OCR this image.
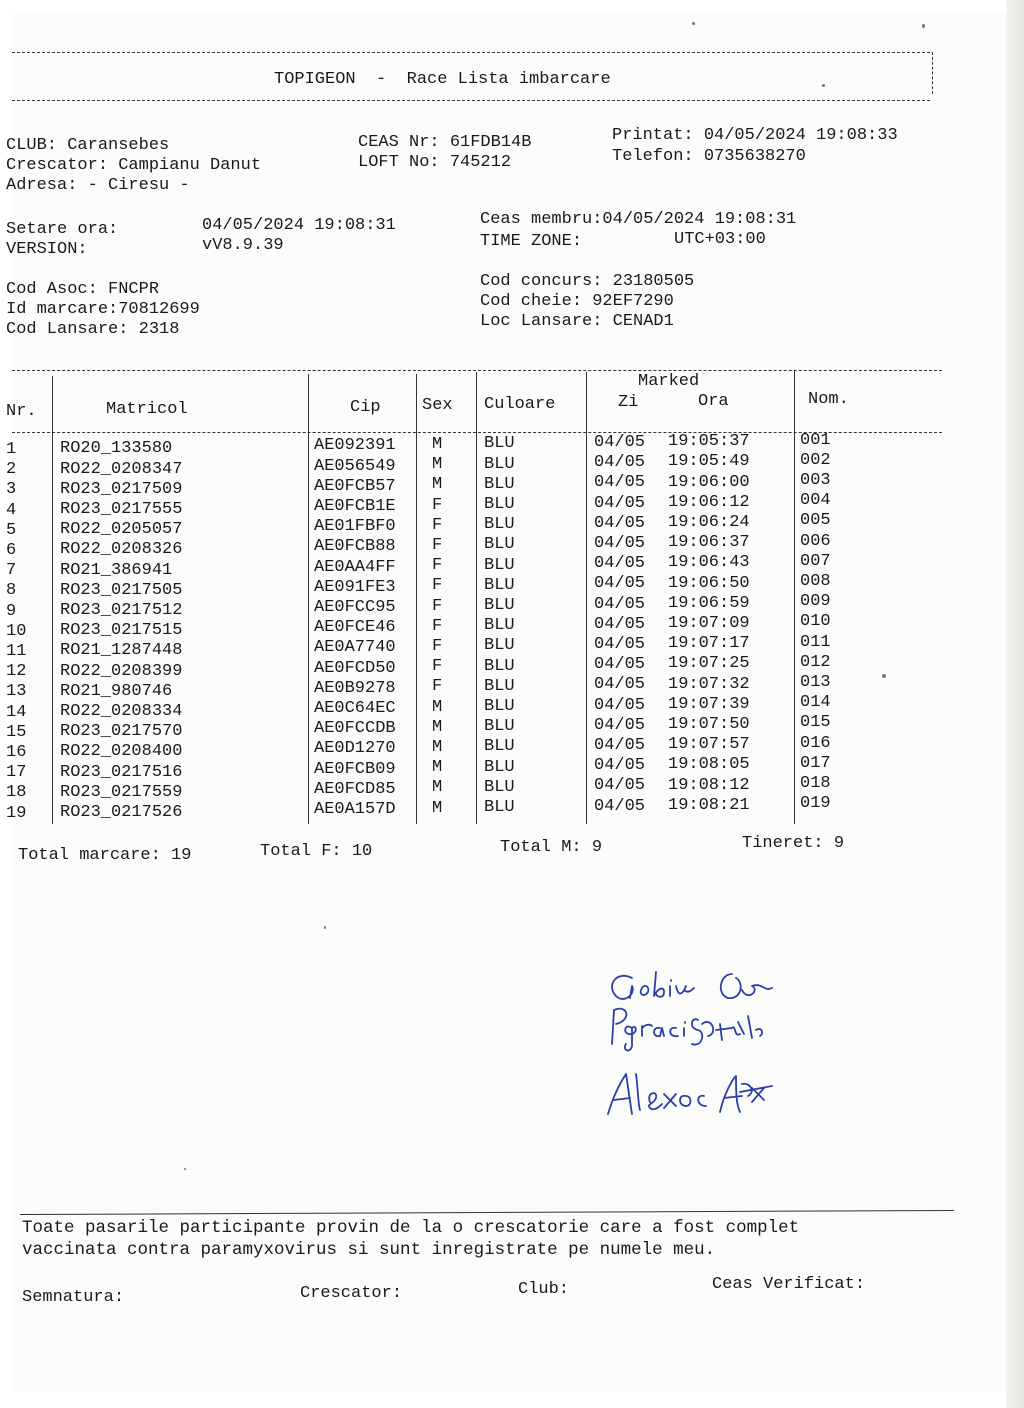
TOPIGEON  -  Race Lista imbarcare
CLUB: Caransebes
Crescator: Campianu Danut
Adresa: - Ciresu -
CEAS Nr: 61FDB14B
LOFT No: 745212
Printat: 04/05/2024 19:08:33
Telefon: 0735638270
Setare ora:	04/05/2024 19:08:31
VERSION:	vV8.9.39
Ceas membru:04/05/2024 19:08:31
TIME ZONE:	UTC+03:00
Cod Asoc: FNCPR
Id marcare:70812699
Cod Lansare: 2318
Cod concurs: 23180505
Cod cheie: 92EF7290
Loc Lansare: CENAD1
Marked
Nr.	Matricol	Cip Sex Culoare	Zi	Ora	Nom.
1	RO20_133580	AE092391 M BLU	04/05 19:05:37	001
2	RO22_0208347	AE056549 M BLU	04/05 19:05:49	002
3	RO23_0217509	AE0FCB57 M BLU	04/05 19:06:00	003
4	RO23_0217555	AE0FCB1E F BLU	04/05 19:06:12	004
5	RO22_0205057	AE01FBF0 F BLU	04/05 19:06:24	005
6	RO22_0208326	AE0FCB88 F BLU	04/05 19:06:37	006
7	RO21_386941	AE0AA4FF F BLU	04/05 19:06:43	007
8	RO23_0217505	AE091FE3 F BLU	04/05 19:06:50	008
9	RO23_0217512	AE0FCC95 F BLU	04/05 19:06:59	009
10 RO23_0217515	AE0FCE46 F BLU	04/05 19:07:09	010
11 RO21_1287448	AE0A7740 F BLU	04/05 19:07:17	011
12 RO22_0208399	AE0FCD50 F BLU	04/05 19:07:25	012
13 RO21_980746	AE0B9278 F BLU	04/05 19:07:32	013
14 RO22_0208334	AE0C64EC M BLU	04/05 19:07:39	014
15 RO23_0217570	AE0FCCDB M BLU	04/05 19:07:50	015
16 RO22_0208400	AE0D1270 M BLU	04/05 19:07:57	016
17 RO23_0217516	AE0FCB09 M BLU	04/05 19:08:05	017
18 RO23_0217559	AE0FCD85 M BLU	04/05 19:08:12	018
19 RO23_0217526	AE0A157D M BLU	04/05 19:08:21	019
Total marcare: 19	Total F: 10	Total M: 9	Tineret: 9
Toate pasarile participante provin de la o crescatorie care a fost complet
vaccinata contra paramyxovirus si sunt inregistrate pe numele meu.
Semnatura:	Crescator:	Club:	Ceas Verificat:
